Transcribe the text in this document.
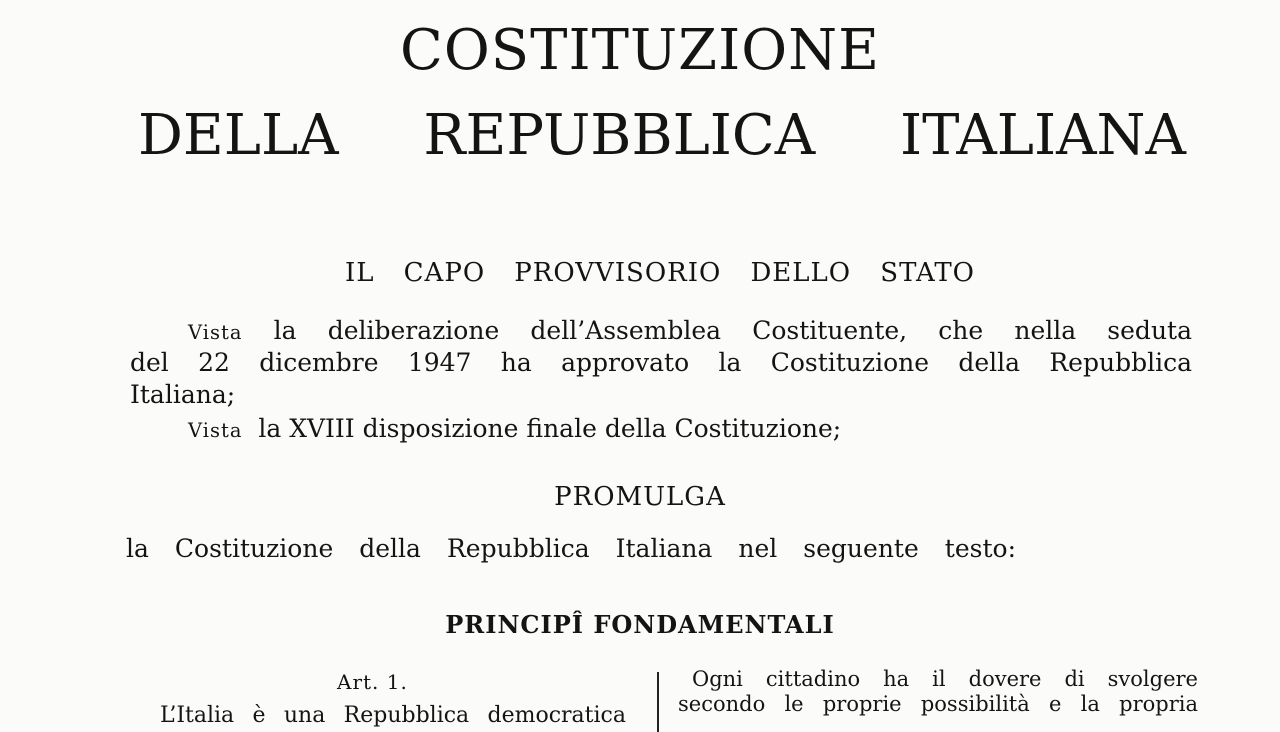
COSTITUZIONE
DELLA REPUBBLICA ITALIANA
IL CAPO PROVVISORIO DELLO STATO
Vista la deliberazione dell’Assemblea Costituente, che nella seduta
del 22 dicembre 1947 ha approvato la Costituzione della Repubblica
Italiana;
Vista la XVIII disposizione finale della Costituzione;
PROMULGA
la Costituzione della Repubblica Italiana nel seguente testo:
PRINCIPÎ FONDAMENTALI
Art. 1.
L’Italia è una Repubblica democratica
Ogni cittadino ha il dovere di svolgere
secondo le proprie possibilità e la propria
